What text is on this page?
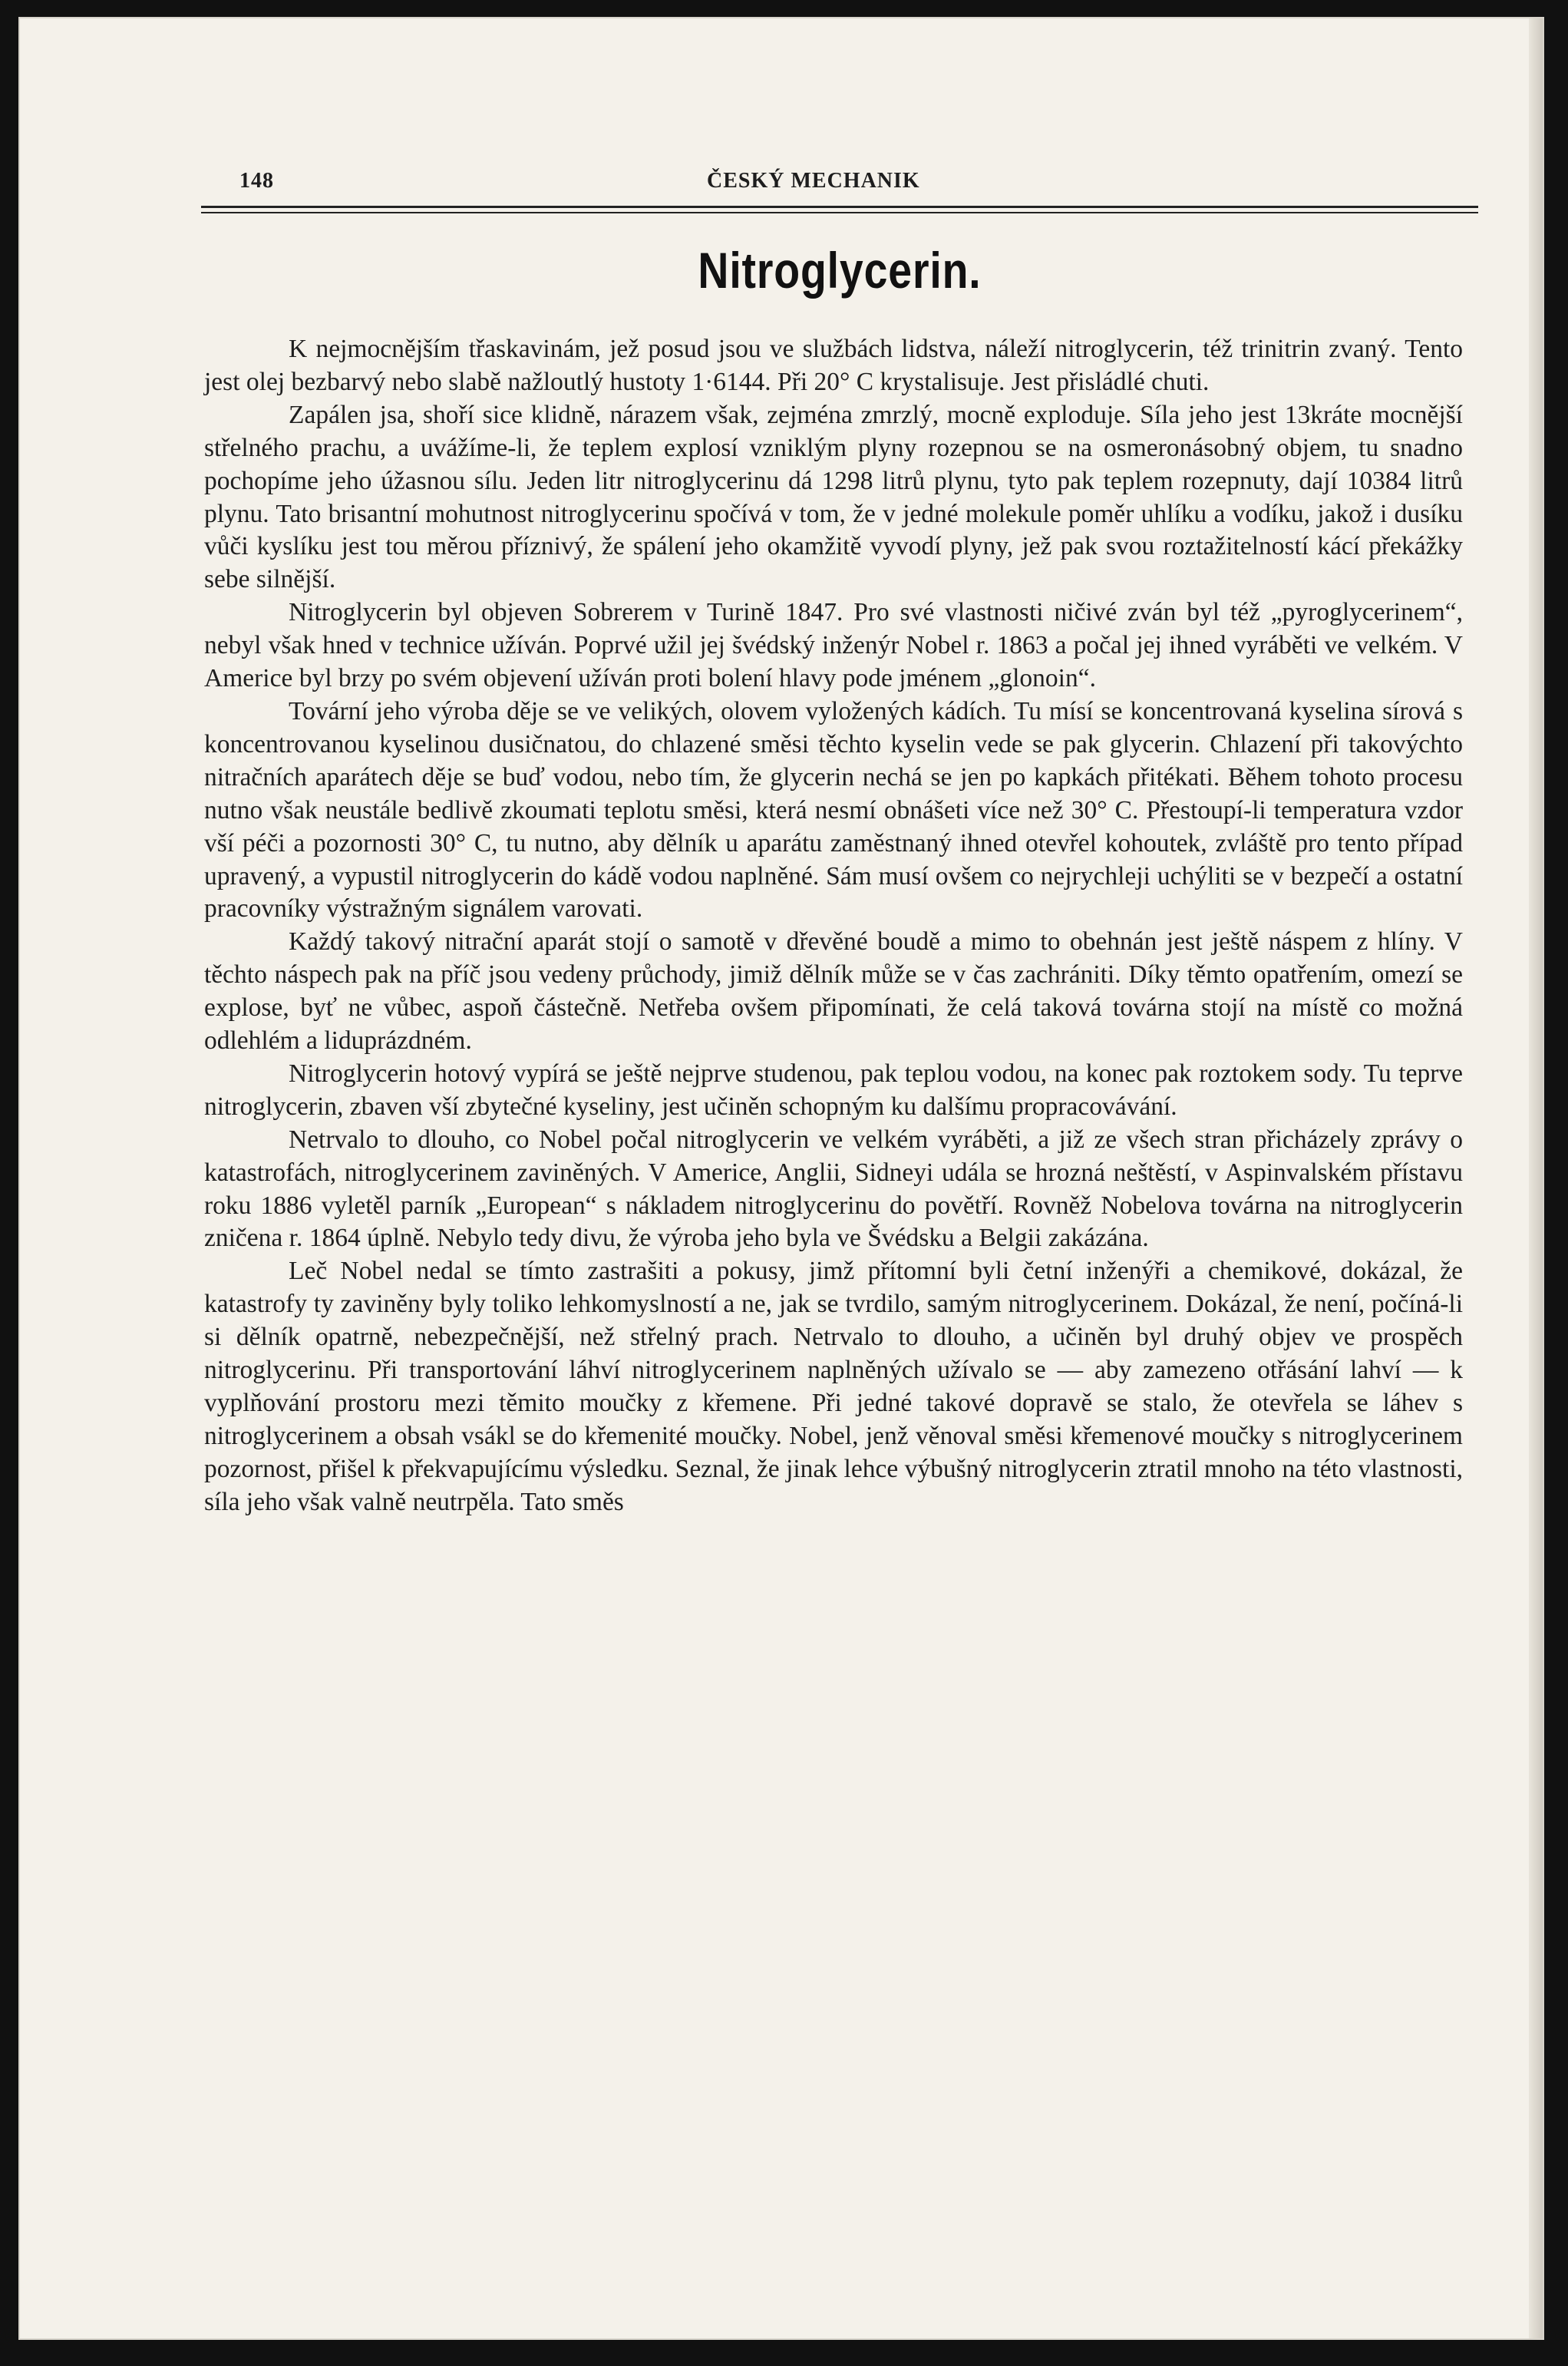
148	ČESKÝ MECHANIK
Nitroglycerin.

K nejmocnějším třaskavinám, jež posud jsou ve službách lidstva, náleží nitroglycerin, též trinitrin zvaný. Tento jest olej bezbarvý nebo slabě nažloutlý hustoty 1·6144. Při 20° C krystalisuje. Jest přisládlé chuti.

Zapálen jsa, shoří sice klidně, nárazem však, zejména zmrzlý, mocně exploduje. Síla jeho jest 13kráte mocnější střelného prachu, a uvážíme-li, že teplem explosí vzniklým plyny rozepnou se na osmeronásobný objem, tu snadno pochopíme jeho úžasnou sílu. Jeden litr nitroglycerinu dá 1298 litrů plynu, tyto pak teplem rozepnuty, dají 10384 litrů plynu. Tato brisantní mohutnost nitroglycerinu spočívá v tom, že v jedné molekule poměr uhlíku a vodíku, jakož i dusíku vůči kyslíku jest tou měrou příznivý, že spálení jeho okamžitě vyvodí plyny, jež pak svou roztažitelností kácí překážky sebe silnější.

Nitroglycerin byl objeven Sobrerem v Turině 1847. Pro své vlastnosti ničivé zván byl též „pyroglycerinem“, nebyl však hned v technice užíván. Poprvé užil jej švédský inženýr Nobel r. 1863 a počal jej ihned vyráběti ve velkém. V Americe byl brzy po svém objevení užíván proti bolení hlavy pode jménem „glonoin“.

Tovární jeho výroba děje se ve velikých, olovem vyložených kádích. Tu mísí se koncentrovaná kyselina sírová s koncentrovanou kyselinou dusičnatou, do chlazené směsi těchto kyselin vede se pak glycerin. Chlazení při takovýchto nitračních aparátech děje se buď vodou, nebo tím, že glycerin nechá se jen po kapkách přitékati. Během tohoto procesu nutno však neustále bedlivě zkoumati teplotu směsi, která nesmí obnášeti více než 30° C. Přestoupí-li temperatura vzdor vší péči a pozornosti 30° C, tu nutno, aby dělník u aparátu zaměstnaný ihned otevřel kohoutek, zvláště pro tento případ upravený, a vypustil nitroglycerin do kádě vodou naplněné. Sám musí ovšem co nejrychleji uchýliti se v bezpečí a ostatní pracovníky výstražným signálem varovati.

Každý takový nitrační aparát stojí o samotě v dřevěné boudě a mimo to obehnán jest ještě náspem z hlíny. V těchto náspech pak na příč jsou vedeny průchody, jimiž dělník může se v čas zachrániti. Díky těmto opatřením, omezí se explose, byť ne vůbec, aspoň částečně. Netřeba ovšem připomínati, že celá taková továrna stojí na místě co možná odlehlém a liduprázdném.

Nitroglycerin hotový vypírá se ještě nejprve studenou, pak teplou vodou, na konec pak roztokem sody. Tu teprve nitroglycerin, zbaven vší zbytečné kyseliny, jest učiněn schopným ku dalšímu propracovávání.

Netrvalo to dlouho, co Nobel počal nitroglycerin ve velkém vyráběti, a již ze všech stran přicházely zprávy o katastrofách, nitroglycerinem zaviněných. V Americe, Anglii, Sidneyi udála se hrozná neštěstí, v Aspinvalském přístavu roku 1886 vyletěl parník „European“ s nákladem nitroglycerinu do povětří. Rovněž Nobelova továrna na nitroglycerin zničena r. 1864 úplně. Nebylo tedy divu, že výroba jeho byla ve Švédsku a Belgii zakázána.

Leč Nobel nedal se tímto zastrašiti a pokusy, jimž přítomní byli četní inženýři a chemikové, dokázal, že katastrofy ty zaviněny byly toliko lehkomyslností a ne, jak se tvrdilo, samým nitroglycerinem. Dokázal, že není, počíná-li si dělník opatrně, nebezpečnější, než střelný prach. Netrvalo to dlouho, a učiněn byl druhý objev ve prospěch nitroglycerinu. Při transportování láhví nitroglycerinem naplněných užívalo se — aby zamezeno otřásání lahví — k vyplňování prostoru mezi těmito moučky z křemene. Při jedné takové dopravě se stalo, že otevřela se láhev s nitroglycerinem a obsah vsákl se do křemenité moučky. Nobel, jenž věnoval směsi křemenové moučky s nitroglycerinem pozornost, přišel k překvapujícímu výsledku. Seznal, že jinak lehce výbušný nitroglycerin ztratil mnoho na této vlastnosti, síla jeho však valně neutrpěla. Tato směs
